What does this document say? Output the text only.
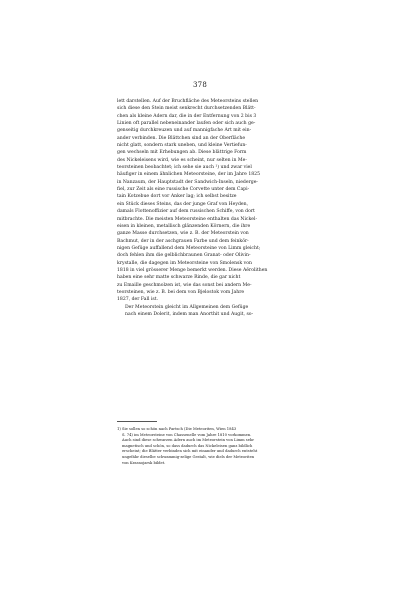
378

lett darstellen. Auf der Bruchfläche des Meteorsteins stellen
sich diese den Stein meist senkrecht durchsetzenden Blätt-
chen als kleine Adern dar, die in der Entfernung von 2 bis 3
Linien oft parallel nebeneinander laufen oder sich auch ge-
genseitig durchkreuzen und auf mannigfache Art mit ein-
ander verbinden. Die Blättchen sind an der Oberfläche
nicht glatt, sondern stark uneben, und kleine Vertiefun-
gen wechseln mit Erhebungen ab. Diese blättrige Form
des Nickeleisens wird, wie es scheint, nur selten in Me-
teorsteinen beobachtet; ich sehe sie auch ¹) und zwar viel
häufiger in einem ähnlichen Meteorsteine, der im Jahre 1825
in Nanzaum, der Hauptstadt der Sandwich-Inseln, niederge-
fiel, zur Zeit als eine russische Corvette unter dem Capi-
tain Kotzebue dort vor Anker lag; ich selbst besitze
ein Stück dieses Steins, das der junge Graf von Heyden,
damals Flottenoffizier auf dem russischen Schiffe, von dort
mitbrachte. Die meisten Meteorsteine enthalten das Nickel-
eisen in kleinen, metallisch glänzenden Körnern, die ihre
ganze Masse durchsetzen, wie z. B. der Meteorstein von
Bachmut, der in der aschgrauen Farbe und dem feinkör-
nigen Gefüge auffallend dem Meteorsteine von Limm gleicht;
doch fehlen ihm die gelblichbraunen Granat- oder Olivin-
krystalle, die dagegen im Meteorsteine von Smolensk von
1818 in viel grösserer Menge bemerkt werden. Diese Aërolithen
haben eine sehr matte schwarze Rinde, die gar nicht
zu Emaille geschmolzen ist, wie das sonst bei andern Me-
teorsteinen, wie z. B. bei dem von Bjelostok vom Jahre
1827, der Fall ist.

Der Meteorstein gleicht im Allgemeinen dem Gefüge
nach einem Dolerit, indem man Anorthit und Augit, so-

1) Sie sollen so schön nach Partsch (Die Meteoriten, Wien 1843
S. 74) im Meteorsteine von Chassenelle vom Jahre 1810 vorkommen.
Auch sind diese schwarzen Adern auch im Meteorstein von Limm sehr
magnetisch und schön, so dass dadurch das Nickeleisen ganz bildlich
erscheint; die Blätter verbinden sich mit einander und dadurch entsteht
ungefähr dieselbe schwammig-zelige Gestalt, wie diels der Meteoriten
von Krasnojarsk bildet.
